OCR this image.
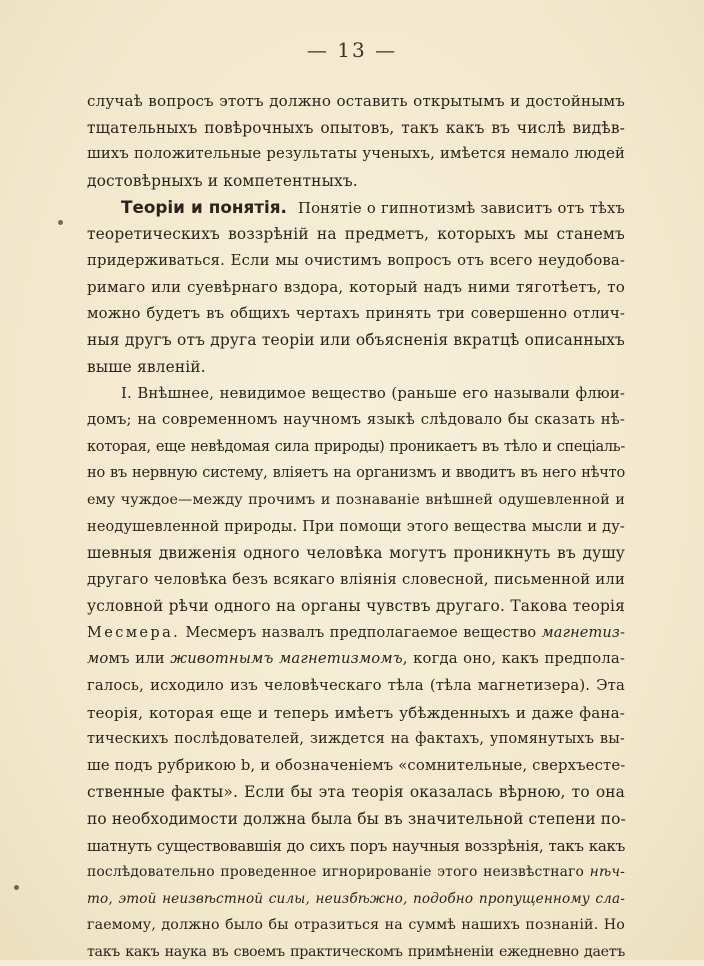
— 13 —
случаѣ вопросъ этотъ должно оставить открытымъ и достойнымъ
тщательныхъ повѣрочныхъ опытовъ, такъ какъ въ числѣ видѣв-
шихъ положительные результаты ученыхъ, имѣется немало людей
достовѣрныхъ и компетентныхъ.
Теоріи и понятія. Понятіе о гипнотизмѣ зависитъ отъ тѣхъ
теоретическихъ воззрѣній на предметъ, которыхъ мы станемъ
придерживаться. Если мы очистимъ вопросъ отъ всего неудобова-
римаго или суевѣрнаго вздора, который надъ ними тяготѣетъ, то
можно будетъ въ общихъ чертахъ принять три совершенно отлич-
ныя другъ отъ друга теоріи или объясненія вкратцѣ описанныхъ
выше явленій.
I. Внѣшнее, невидимое вещество (раньше его называли флюи-
домъ; на современномъ научномъ языкѣ слѣдовало бы сказать нѣ-
которая, еще невѣдомая сила природы) проникаетъ въ тѣло и спеціаль-
но въ нервную систему, вліяетъ на организмъ и вводитъ въ него нѣчто
ему чуждое—между прочимъ и познаваніе внѣшней одушевленной и
неодушевленной природы. При помощи этого вещества мысли и ду-
шевныя движенія одного человѣка могутъ проникнуть въ душу
другаго человѣка безъ всякаго вліянія словесной, письменной или
условной рѣчи одного на органы чувствъ другаго. Такова теорія
Месмера. Месмеръ назвалъ предполагаемое вещество магнетиз-
момъ или животнымъ магнетизмомъ, когда оно, какъ предпола-
галось, исходило изъ человѣческаго тѣла (тѣла магнетизера). Эта
теорія, которая еще и теперь имѣетъ убѣжденныхъ и даже фана-
тическихъ послѣдователей, зиждется на фактахъ, упомянутыхъ вы-
ше подъ рубрикою b, и обозначеніемъ «сомнительные, сверхъесте-
ственные факты». Если бы эта теорія оказалась вѣрною, то она
по необходимости должна была бы въ значительной степени по-
шатнуть существовавшія до сихъ поръ научныя воззрѣнія, такъ какъ
послѣдовательно проведенное игнорированіе этого неизвѣстнаго нѣч-
то, этой неизвѣстной силы, неизбѣжно, подобно пропущенному сла-
гаемому, должно было бы отразиться на суммѣ нашихъ познаній. Но
такъ какъ наука въ своемъ практическомъ примѣненіи ежедневно даетъ
